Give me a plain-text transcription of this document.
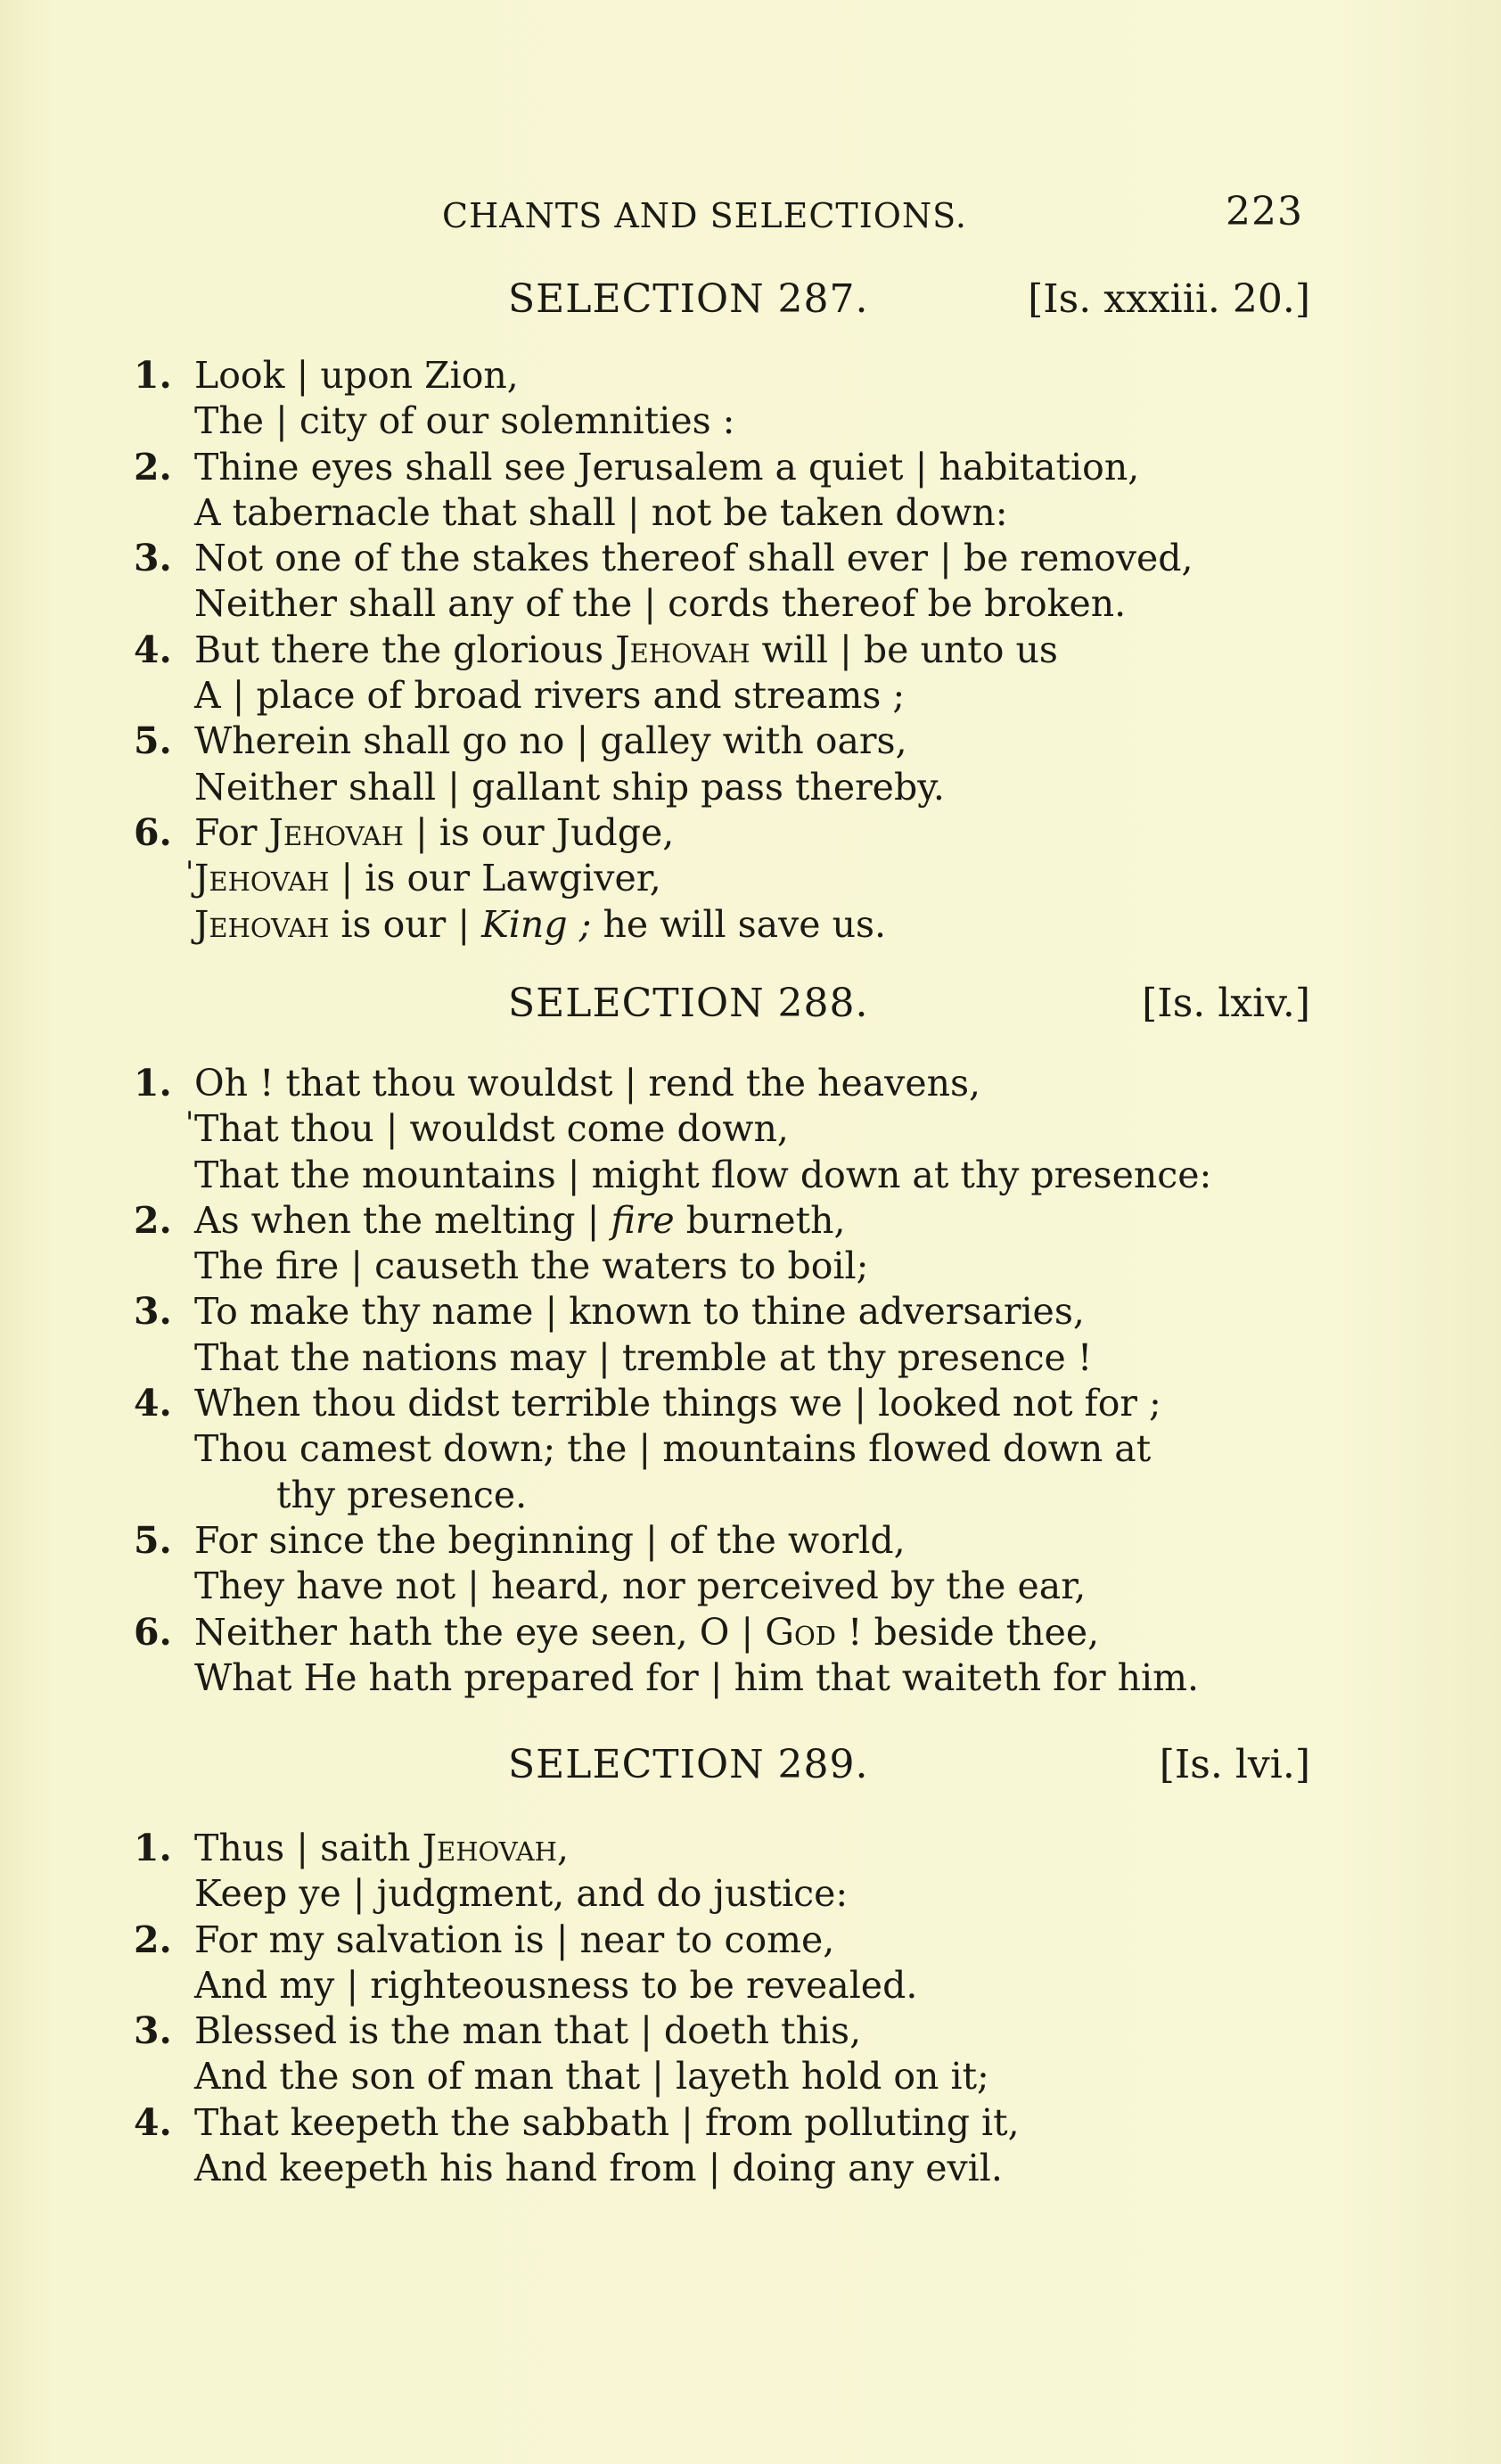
CHANTS AND SELECTIONS.	223
SELECTION 287.	[Is. xxxiii. 20.]
1. Look | upon Zion,
The | city of our solemnities :
2. Thine eyes shall see Jerusalem a quiet | habitation,
A tabernacle that shall | not be taken down:
3. Not one of the stakes thereof shall ever | be removed,
Neither shall any of the | cords thereof be broken.
4. But there the glorious Jehovah will | be unto us
A | place of broad rivers and streams ;
5. Wherein shall go no | galley with oars,
Neither shall | gallant ship pass thereby.
6. For Jehovah | is our Judge,
' Jehovah | is our Lawgiver,
Jehovah is our | King ; he will save us.
SELECTION 288.	[Is. lxiv.]
1. Oh ! that thou wouldst | rend the heavens,
' That thou | wouldst come down,
That the mountains | might flow down at thy presence:
2. As when the melting | fire burneth,
The fire | causeth the waters to boil;
3. To make thy name | known to thine adversaries,
That the nations may | tremble at thy presence !
4. When thou didst terrible things we | looked not for ;
Thou camest down; the | mountains flowed down at
thy presence.
5. For since the beginning | of the world,
They have not | heard, nor perceived by the ear,
6. Neither hath the eye seen, O | God ! beside thee,
What He hath prepared for | him that waiteth for him.
SELECTION 289.	[Is. lvi.]
1. Thus | saith Jehovah,
Keep ye | judgment, and do justice:
2. For my salvation is | near to come,
And my | righteousness to be revealed.
3. Blessed is the man that | doeth this,
And the son of man that | layeth hold on it;
4. That keepeth the sabbath | from polluting it,
And keepeth his hand from | doing any evil.
